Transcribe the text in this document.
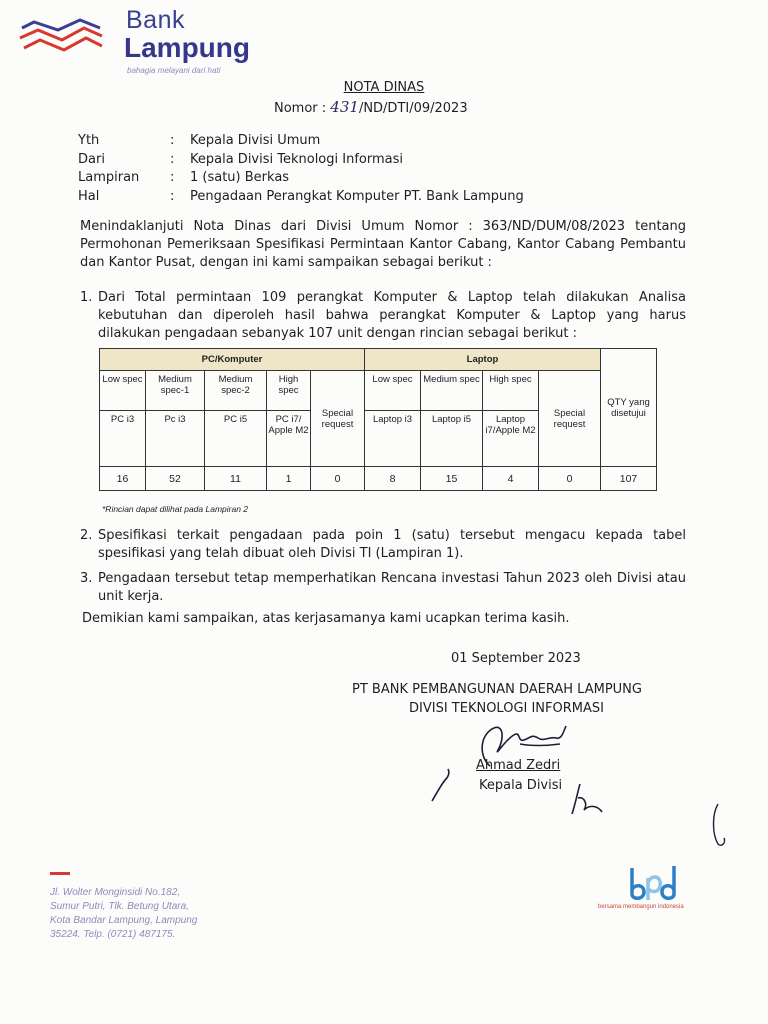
Bank
Lampung
bahagia melayani dari hati
NOTA DINAS
Nomor : 431/ND/DTI/09/2023
Yth	:	Kepala Divisi Umum
Dari	:	Kepala Divisi Teknologi Informasi
Lampiran	:	1 (satu) Berkas
Hal	:	Pengadaan Perangkat Komputer PT. Bank Lampung
Menindaklanjuti Nota Dinas dari Divisi Umum Nomor : 363/ND/DUM/08/2023 tentang Permohonan Pemeriksaan Spesifikasi Permintaan Kantor Cabang, Kantor Cabang Pembantu dan Kantor Pusat, dengan ini kami sampaikan sebagai berikut :
1. Dari Total permintaan 109 perangkat Komputer & Laptop telah dilakukan Analisa kebutuhan dan diperoleh hasil bahwa perangkat Komputer & Laptop yang harus dilakukan pengadaan sebanyak 107 unit dengan rincian sebagai berikut :
PC/Komputer					Laptop				QTY yang disetujui
Low spec	Medium spec-1	Medium spec-2	High spec	Special request	Low spec	Medium spec	High spec	Special request	
PC i3	Pc i3	PC i5	PC i7/ Apple M2		Laptop i3	Laptop i5	Laptop i7/Apple M2		
16	52	11	1	0	8	15	4	0	107
*Rincian dapat dilihat pada Lampiran 2
2. Spesifikasi terkait pengadaan pada poin 1 (satu) tersebut mengacu kepada tabel spesifikasi yang telah dibuat oleh Divisi TI (Lampiran 1).
3. Pengadaan tersebut tetap memperhatikan Rencana investasi Tahun 2023 oleh Divisi atau unit kerja.
Demikian kami sampaikan, atas kerjasamanya kami ucapkan terima kasih.
01 September 2023
PT BANK PEMBANGUNAN DAERAH LAMPUNG
DIVISI TEKNOLOGI INFORMASI
Ahmad Zedri
Kepala Divisi
Jl. Wolter Monginsidi No.182,
Sumur Putri, Tlk. Betung Utara,
Kota Bandar Lampung, Lampung
35224. Telp. (0721) 487175.
bersama membangun indonesia
